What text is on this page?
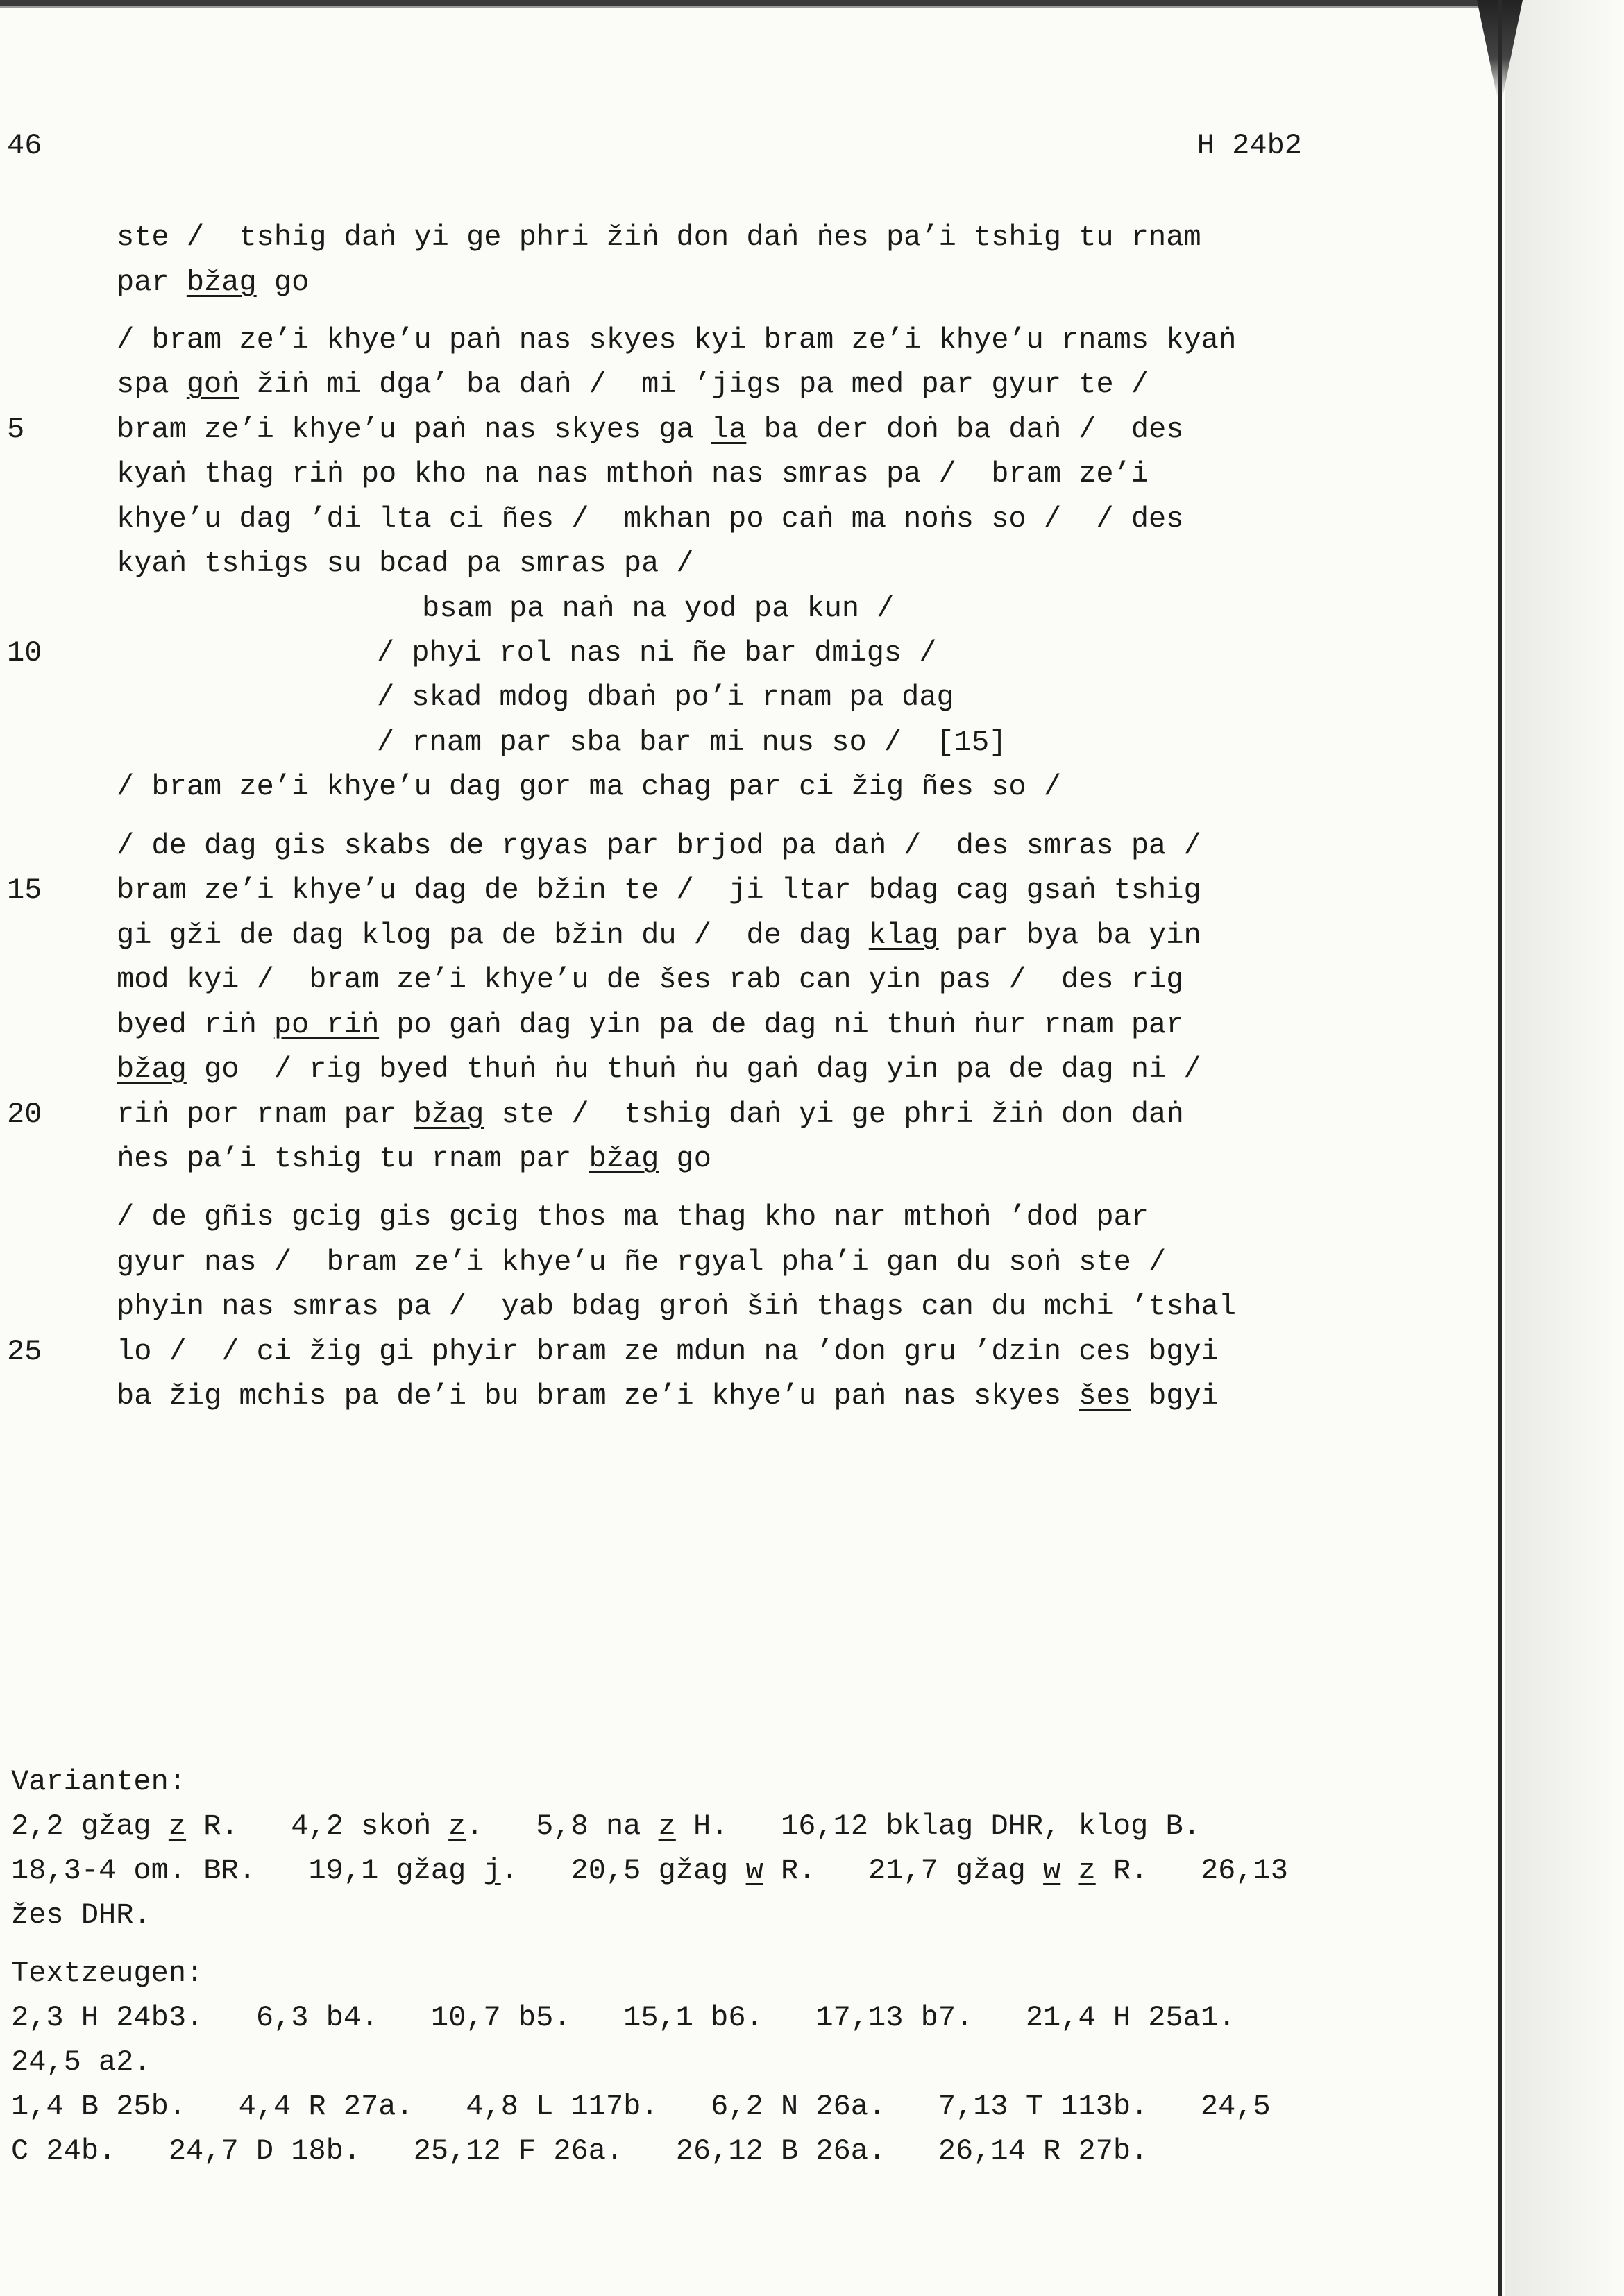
46	H 24b2
ste /  tshig daṅ yi ge phri žiṅ don daṅ ṅes pa’i tshig tu rnam
par bžag go
/ bram ze’i khye’u paṅ nas skyes kyi bram ze’i khye’u rnams kyaṅ
spa goṅ žiṅ mi dga’ ba daṅ /  mi ’jigs pa med par gyur te /
bram ze’i khye’u paṅ nas skyes ga la ba der doṅ ba daṅ /  des
5
kyaṅ thag riṅ po kho na nas mthoṅ nas smras pa /  bram ze’i
khye’u dag ’di lta ci ñes /  mkhan po caṅ ma noṅs so /  / des
kyaṅ tshigs su bcad pa smras pa /
bsam pa naṅ na yod pa kun /
/ phyi rol nas ni ñe bar dmigs /
10
/ skad mdog dbaṅ po’i rnam pa dag
/ rnam par sba bar mi nus so /  [15]
/ bram ze’i khye’u dag gor ma chag par ci žig ñes so /
/ de dag gis skabs de rgyas par brjod pa daṅ /  des smras pa /
bram ze’i khye’u dag de bžin te /  ji ltar bdag cag gsaṅ tshig
15
gi gži de dag klog pa de bžin du /  de dag klag par bya ba yin
mod kyi /  bram ze’i khye’u de šes rab can yin pas /  des rig
byed riṅ po riṅ po gaṅ dag yin pa de dag ni thuṅ ṅur rnam par
bžag go  / rig byed thuṅ ṅu thuṅ ṅu gaṅ dag yin pa de dag ni /
riṅ por rnam par bžag ste /  tshig daṅ yi ge phri žiṅ don daṅ
20
ṅes pa’i tshig tu rnam par bžag go
/ de gñis gcig gis gcig thos ma thag kho nar mthoṅ ’dod par
gyur nas /  bram ze’i khye’u ñe rgyal pha’i gan du soṅ ste /
phyin nas smras pa /  yab bdag groṅ šiṅ thags can du mchi ’tshal
lo /  / ci žig gi phyir bram ze mdun na ’don gru ’dzin ces bgyi
25
ba žig mchis pa de’i bu bram ze’i khye’u paṅ nas skyes šes bgyi
Varianten:
2,2 gžag z R.   4,2 skoṅ z.   5,8 na z H.   16,12 bklag DHR, klog B.
18,3-4 om. BR.   19,1 gžag j.   20,5 gžag w R.   21,7 gžag w z R.   26,13
žes DHR.
Textzeugen:
2,3 H 24b3.   6,3 b4.   10,7 b5.   15,1 b6.   17,13 b7.   21,4 H 25a1.
24,5 a2.
1,4 B 25b.   4,4 R 27a.   4,8 L 117b.   6,2 N 26a.   7,13 T 113b.   24,5
C 24b.   24,7 D 18b.   25,12 F 26a.   26,12 B 26a.   26,14 R 27b.
